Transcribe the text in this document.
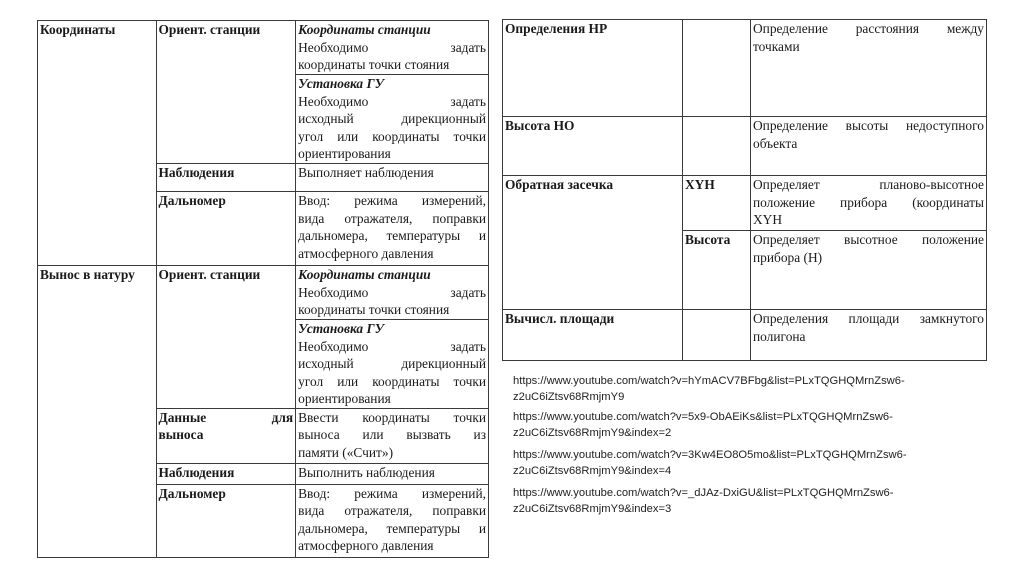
Координаты	Ориент. станции	Координаты станции
Необходимо задать
координаты точки стояния

		Установка ГУ
Необходимо задать
исходный дирекционный
угол или координаты точки
ориентирования

	Наблюдения	Выполняет наблюдения
	Дальномер	Ввод: режима измерений,
вида отражателя, поправки
дальномера, температуры и
атмосферного давления

Вынос в натуру	Ориент. станции	Координаты станции
Необходимо задать
координаты точки стояния

		Установка ГУ
Необходимо задать
исходный дирекционный
угол или координаты точки
ориентирования

	Данные для
выноса	Ввести координаты точки
выноса или вызвать из
памяти («Счит»)

	Наблюдения	Выполнить наблюдения
	Дальномер	Ввод: режима измерений,
вида отражателя, поправки
дальномера, температуры и
атмосферного давления
Определения НР		Определение расстояния между
точками

Высота НО		Определение высоты недоступного
объекта

Обратная засечка	XYH	Определяет планово-высотное
положение прибора (координаты
XYH

	Высота	Определяет высотное положение
прибора (Н)

Вычисл. площади		Определения площади замкнутого
полигона
https://www.youtube.com/watch?v=hYmACV7BFbg&list=PLxTQGHQMrnZsw6-
z2uC6iZtsv68RmjmY9
https://www.youtube.com/watch?v=5x9-ObAEiKs&list=PLxTQGHQMrnZsw6-
z2uC6iZtsv68RmjmY9&index=2
https://www.youtube.com/watch?v=3Kw4EO8O5mo&list=PLxTQGHQMrnZsw6-
z2uC6iZtsv68RmjmY9&index=4
https://www.youtube.com/watch?v=_dJAz-DxiGU&list=PLxTQGHQMrnZsw6-
z2uC6iZtsv68RmjmY9&index=3
